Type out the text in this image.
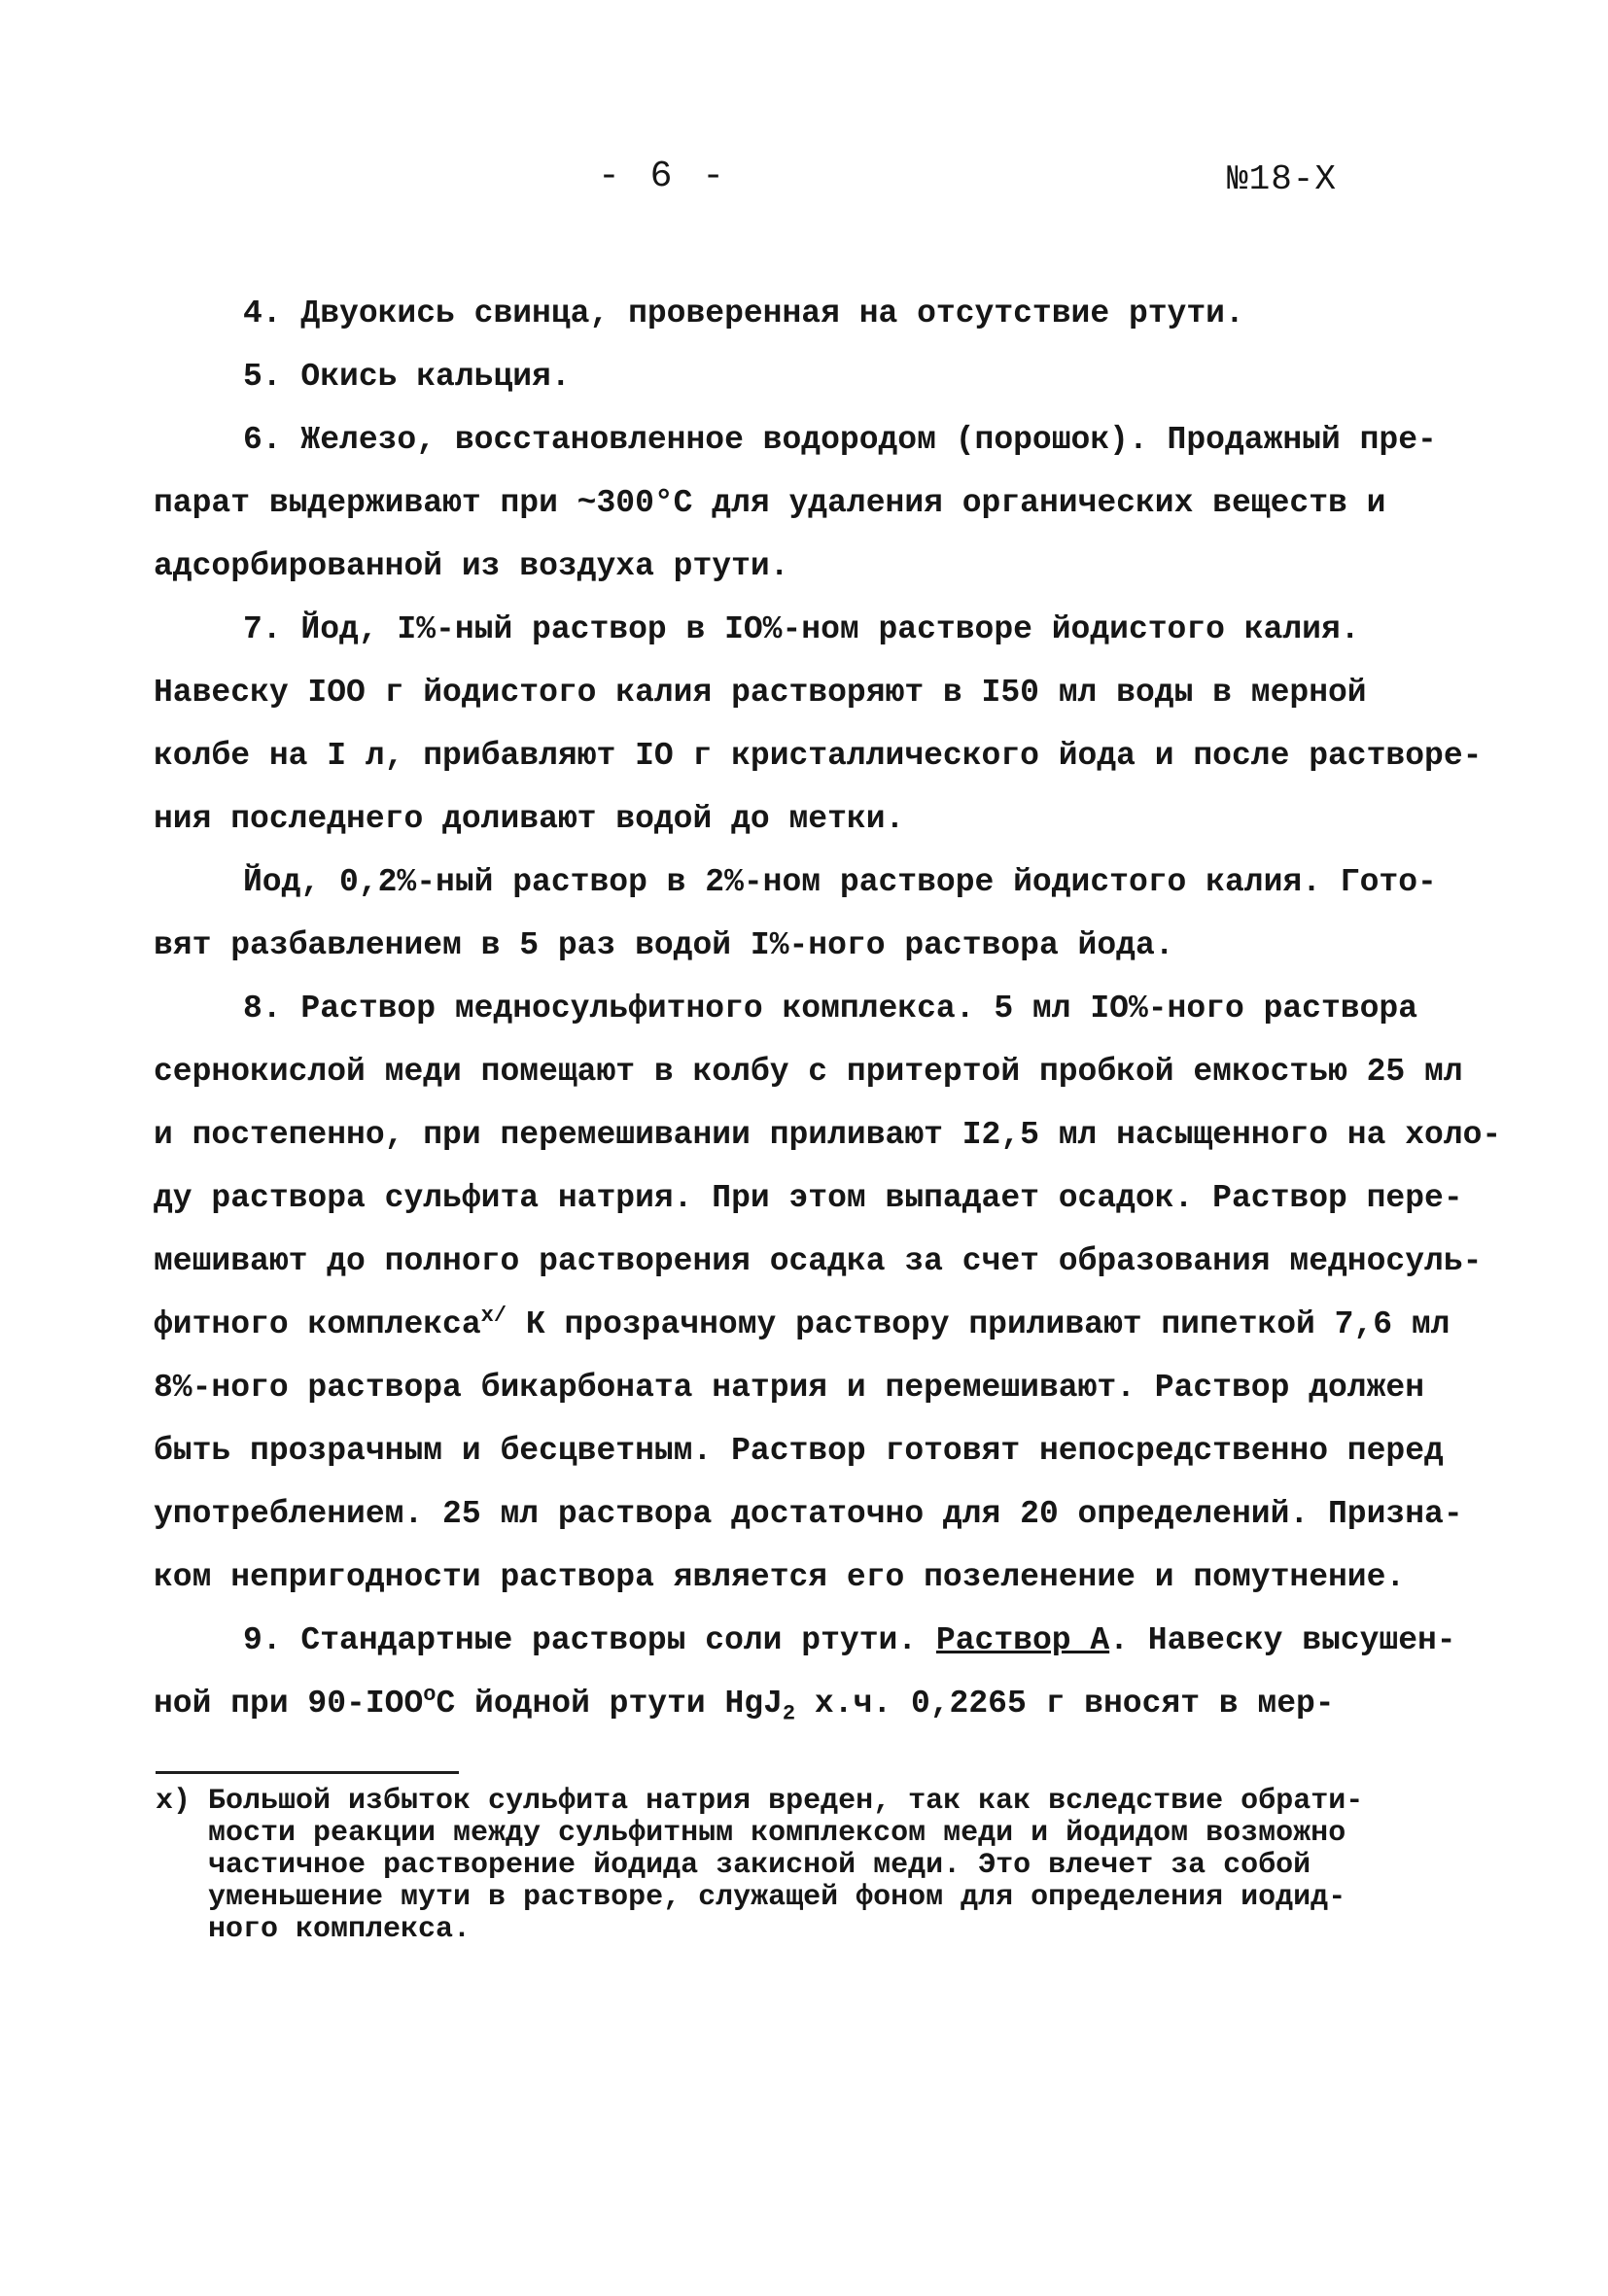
- 6 -	№18-Х

4. Двуокись свинца, проверенная на отсутствие ртути.

5. Окись кальция.

6. Железо, восстановленное водородом (порошок). Продажный пре-

парат выдерживают при ~300°С для удаления органических веществ и

адсорбированной из воздуха ртути.

7. Йод, I%-ный раствор в IO%-ном растворе йодистого калия.

Навеску IOO г йодистого калия растворяют в I50 мл воды в мерной

колбе на I л, прибавляют IO г кристаллического йода и после растворе-

ния последнего доливают водой до метки.

Йод, 0,2%-ный раствор в 2%-ном растворе йодистого калия. Гото-

вят разбавлением в 5 раз водой I%-ного раствора йода.

8. Раствор медносульфитного комплекса. 5 мл IO%-ного раствора

сернокислой меди помещают в колбу с притертой пробкой емкостью 25 мл

и постепенно, при перемешивании приливают I2,5 мл насыщенного на холо-

ду раствора сульфита натрия. При этом выпадает осадок. Раствор пере-

мешивают до полного растворения осадка за счет образования медносуль-

фитного комплекса$^{х/}$ К прозрачному раствору приливают пипеткой 7,6 мл

8%-ного раствора бикарбоната натрия и перемешивают. Раствор должен

быть прозрачным и бесцветным. Раствор готовят непосредственно перед

употреблением. 25 мл раствора достаточно для 20 определений. Призна-

ком непригодности раствора является его позеленение и помутнение.

9. Стандартные растворы соли ртути. Раствор А. Навеску высушен-

ной при $90-IOO^оС$ йодной ртути HgJ$_2$ х.ч. 0,2265 г вносят в мер-

х) Большой избыток сульфита натрия вреден, так как вследствие обрати-
мости реакции между сульфитным комплексом меди и йодидом возможно
частичное растворение йодида закисной меди. Это влечет за собой
уменьшение мути в растворе, служащей фоном для определения иодид-
ного комплекса.
